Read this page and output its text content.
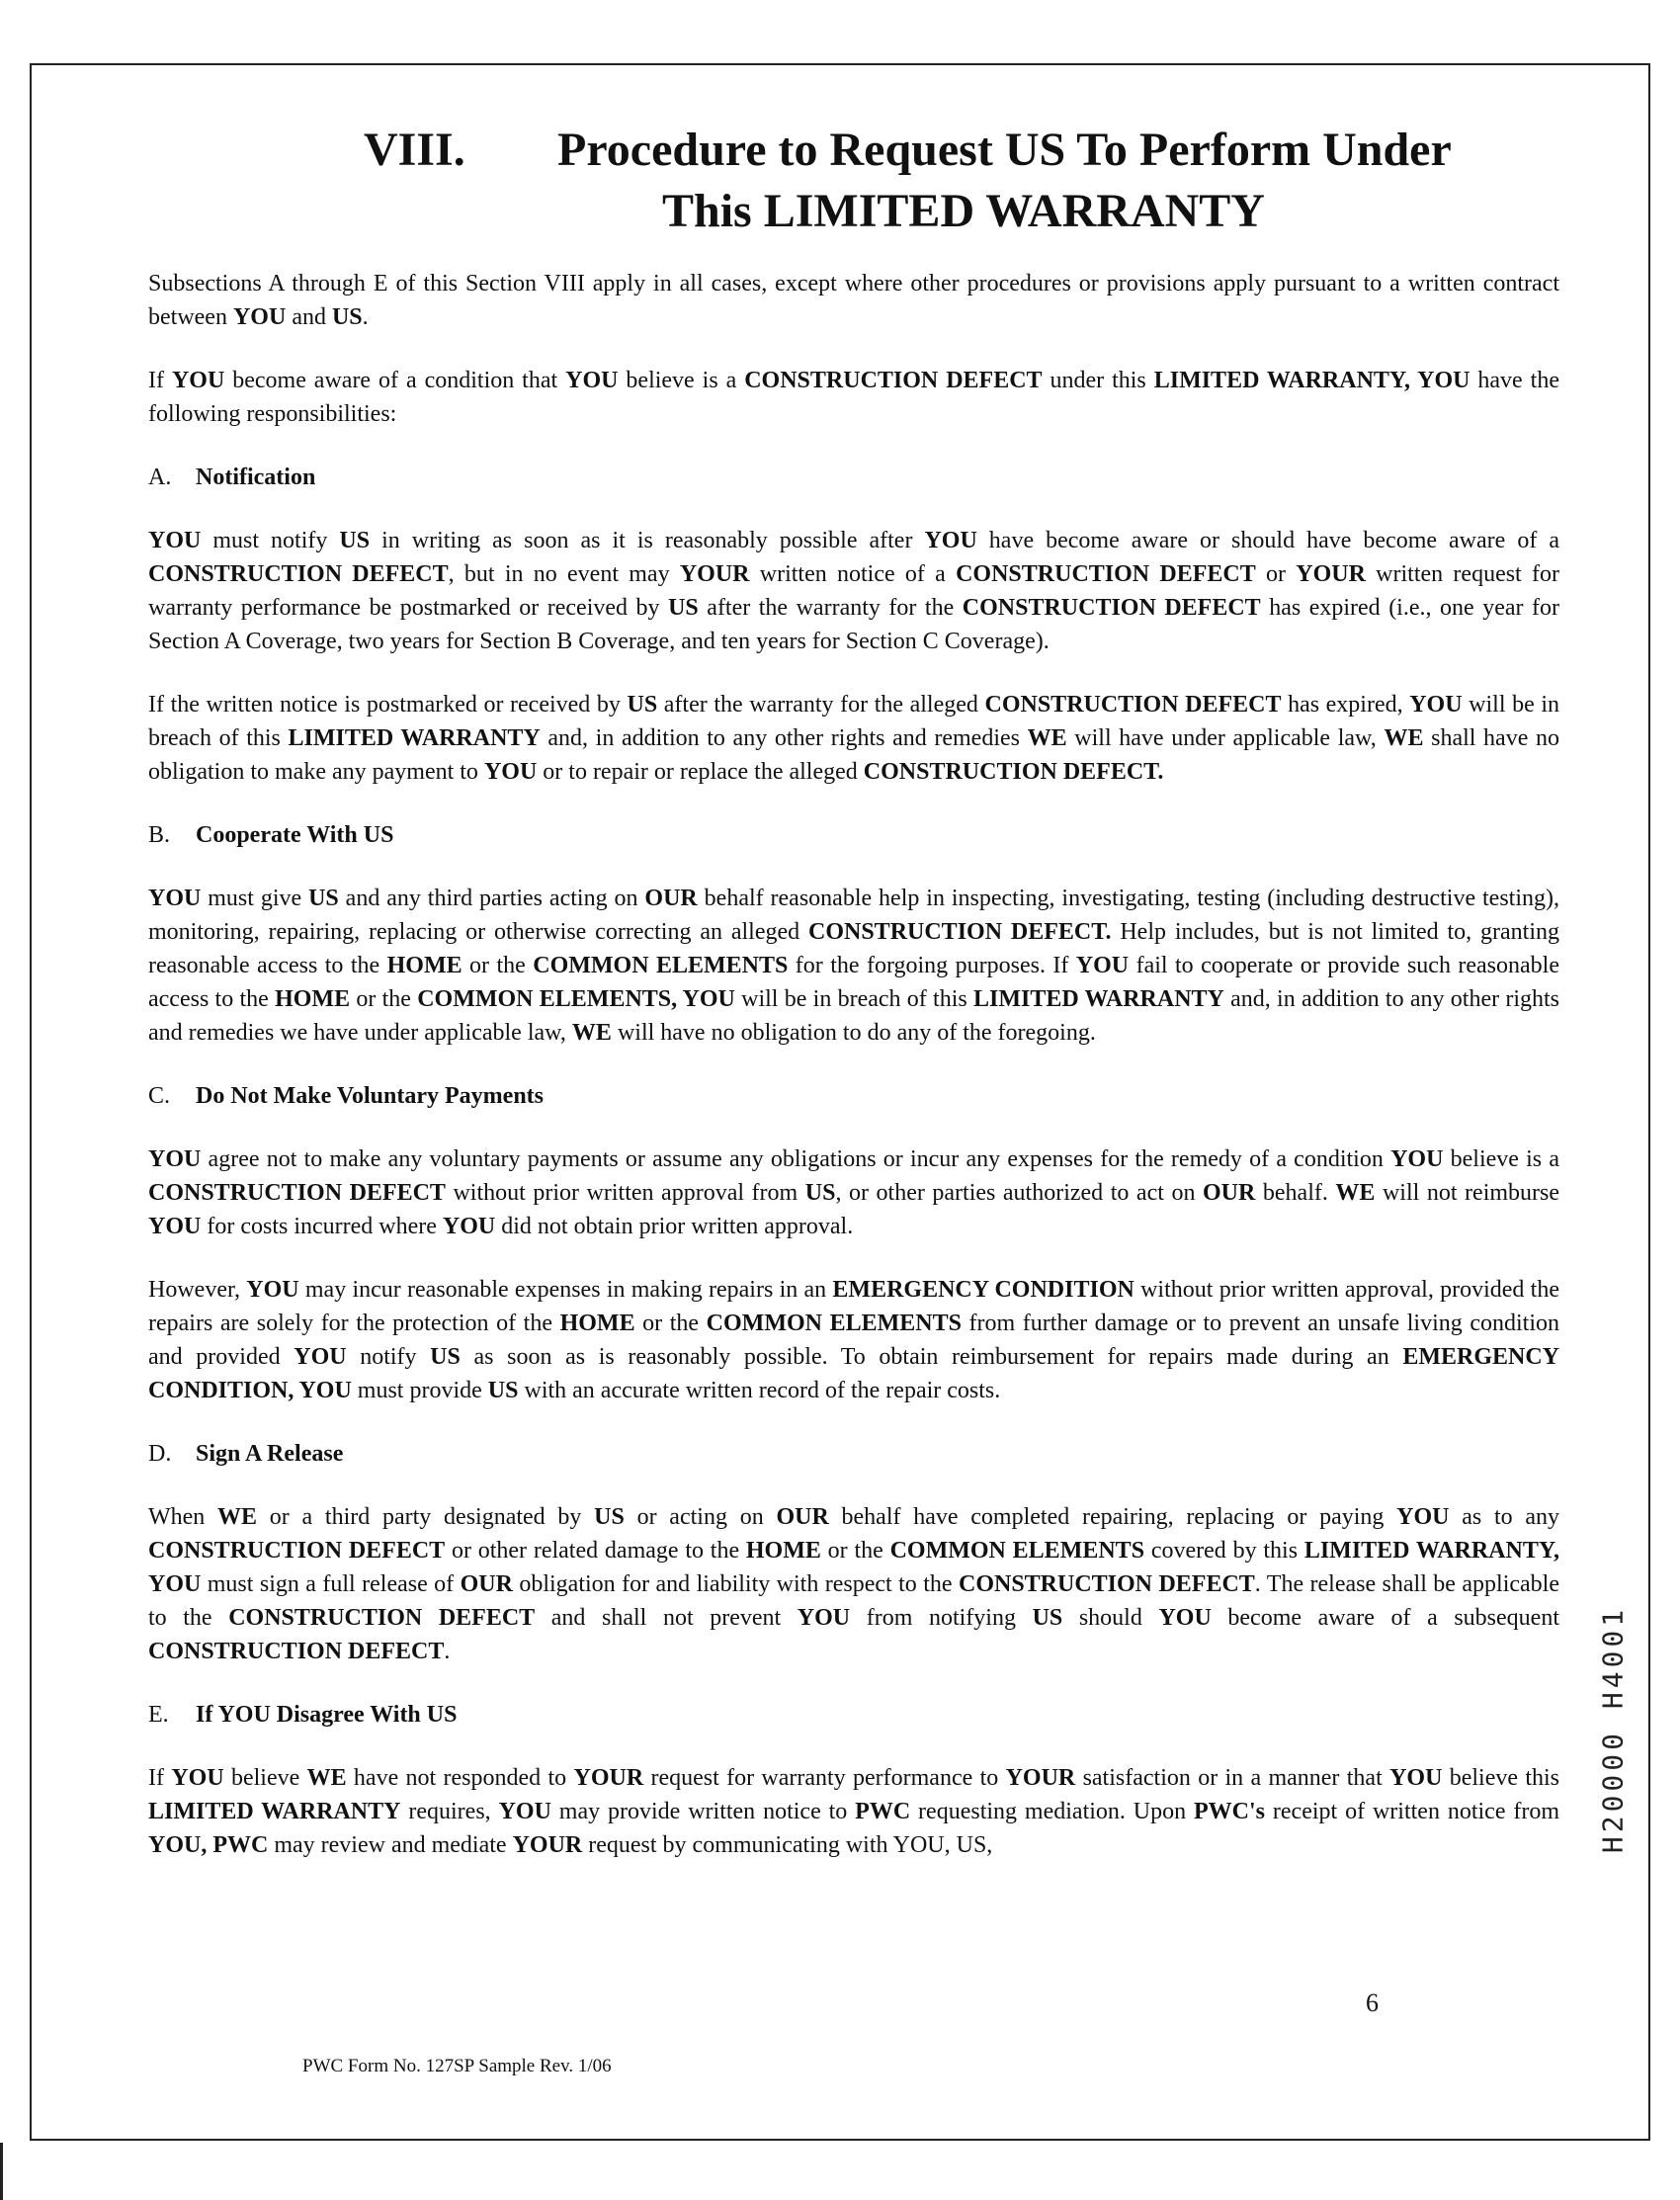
VIII. Procedure to Request US To Perform Under
This LIMITED WARRANTY

Subsections A through E of this Section VIII apply in all cases, except where other procedures or provisions apply pursuant to a written contract between YOU and US.

If YOU become aware of a condition that YOU believe is a CONSTRUCTION DEFECT under this LIMITED WARRANTY, YOU have the following responsibilities:

A. Notification

YOU must notify US in writing as soon as it is reasonably possible after YOU have become aware or should have become aware of a CONSTRUCTION DEFECT, but in no event may YOUR written notice of a CONSTRUCTION DEFECT or YOUR written request for warranty performance be postmarked or received by US after the warranty for the CONSTRUCTION DEFECT has expired (i.e., one year for Section A Coverage, two years for Section B Coverage, and ten years for Section C Coverage).

If the written notice is postmarked or received by US after the warranty for the alleged CONSTRUCTION DEFECT has expired, YOU will be in breach of this LIMITED WARRANTY and, in addition to any other rights and remedies WE will have under applicable law, WE shall have no obligation to make any payment to YOU or to repair or replace the alleged CONSTRUCTION DEFECT.

B. Cooperate With US

YOU must give US and any third parties acting on OUR behalf reasonable help in inspecting, investigating, testing (including destructive testing), monitoring, repairing, replacing or otherwise correcting an alleged CONSTRUCTION DEFECT. Help includes, but is not limited to, granting reasonable access to the HOME or the COMMON ELEMENTS for the forgoing purposes. If YOU fail to cooperate or provide such reasonable access to the HOME or the COMMON ELEMENTS, YOU will be in breach of this LIMITED WARRANTY and, in addition to any other rights and remedies we have under applicable law, WE will have no obligation to do any of the foregoing.

C. Do Not Make Voluntary Payments

YOU agree not to make any voluntary payments or assume any obligations or incur any expenses for the remedy of a condition YOU believe is a CONSTRUCTION DEFECT without prior written approval from US, or other parties authorized to act on OUR behalf. WE will not reimburse YOU for costs incurred where YOU did not obtain prior written approval.

However, YOU may incur reasonable expenses in making repairs in an EMERGENCY CONDITION without prior written approval, provided the repairs are solely for the protection of the HOME or the COMMON ELEMENTS from further damage or to prevent an unsafe living condition and provided YOU notify US as soon as is reasonably possible. To obtain reimbursement for repairs made during an EMERGENCY CONDITION, YOU must provide US with an accurate written record of the repair costs.

D. Sign A Release

When WE or a third party designated by US or acting on OUR behalf have completed repairing, replacing or paying YOU as to any CONSTRUCTION DEFECT or other related damage to the HOME or the COMMON ELEMENTS covered by this LIMITED WARRANTY, YOU must sign a full release of OUR obligation for and liability with respect to the CONSTRUCTION DEFECT. The release shall be applicable to the CONSTRUCTION DEFECT and shall not prevent YOU from notifying US should YOU become aware of a subsequent CONSTRUCTION DEFECT.

E. If YOU Disagree With US

If YOU believe WE have not responded to YOUR request for warranty performance to YOUR satisfaction or in a manner that YOU believe this LIMITED WARRANTY requires, YOU may provide written notice to PWC requesting mediation. Upon PWC's receipt of written notice from YOU, PWC may review and mediate YOUR request by communicating with YOU, US,

6
PWC Form No. 127SP Sample Rev. 1/06
H20000 H4001
